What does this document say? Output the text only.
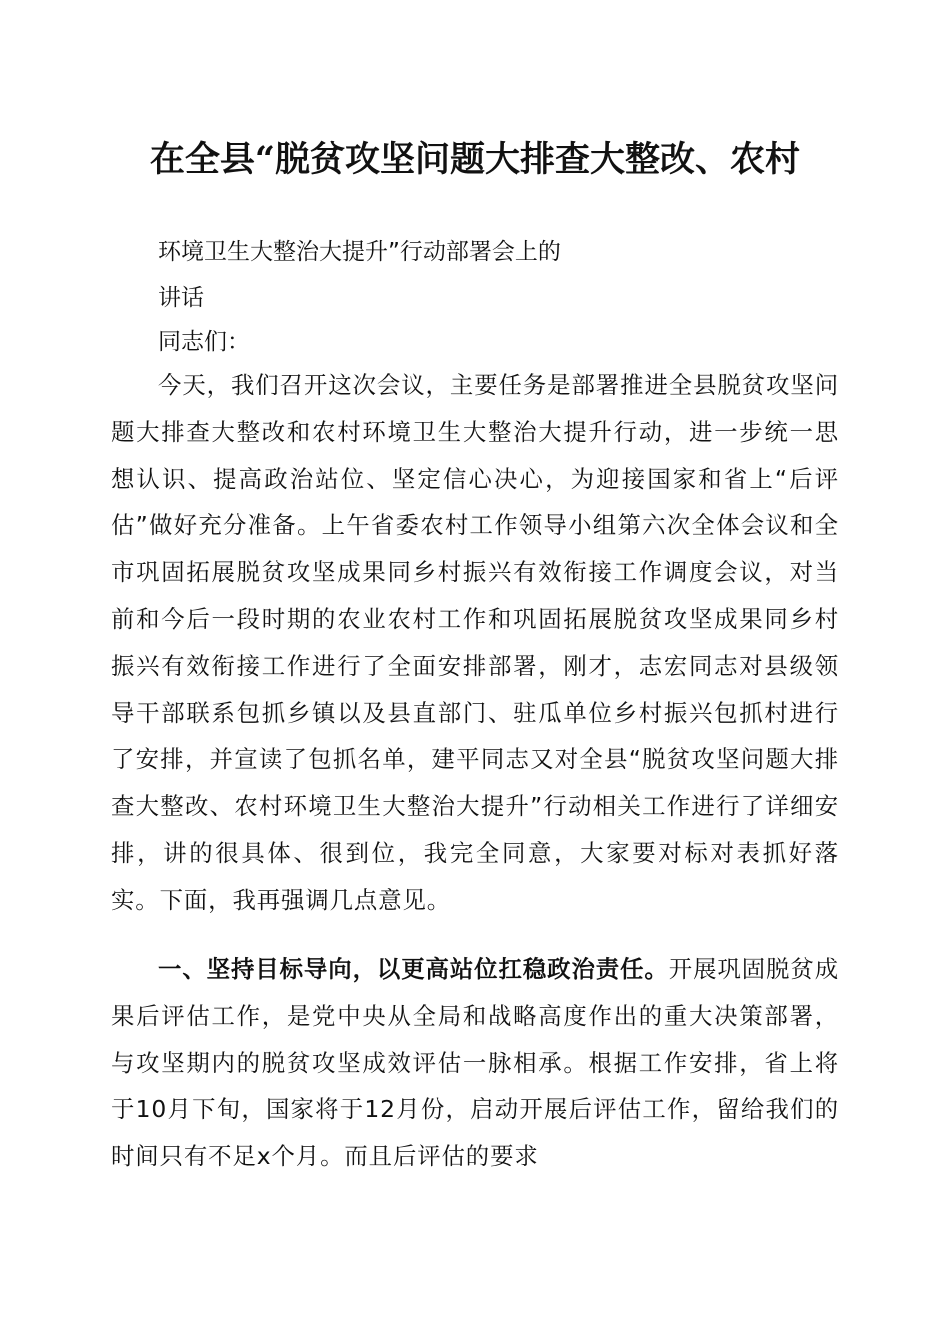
在全县“脱贫攻坚问题大排查大整改、农村
环境卫生大整治大提升”行动部署会上的
讲话
同志们：
今天，我们召开这次会议，主要任务是部署推进全县脱贫攻坚问题大排查大整改和农村环境卫生大整治大提升行动，进一步统一思想认识、提高政治站位、坚定信心决心，为迎接国家和省上“后评估”做好充分准备。上午省委农村工作领导小组第六次全体会议和全市巩固拓展脱贫攻坚成果同乡村振兴有效衔接工作调度会议，对当前和今后一段时期的农业农村工作和巩固拓展脱贫攻坚成果同乡村振兴有效衔接工作进行了全面安排部署，刚才，志宏同志对县级领导干部联系包抓乡镇以及县直部门、驻瓜单位乡村振兴包抓村进行了安排，并宣读了包抓名单，建平同志又对全县“脱贫攻坚问题大排查大整改、农村环境卫生大整治大提升”行动相关工作进行了详细安排，讲的很具体、很到位，我完全同意，大家要对标对表抓好落实。下面，我再强调几点意见。
一、坚持目标导向，以更高站位扛稳政治责任。开展巩固脱贫成果后评估工作，是党中央从全局和战略高度作出的重大决策部署，与攻坚期内的脱贫攻坚成效评估一脉相承。根据工作安排，省上将于10月下旬，国家将于12月份，启动开展后评估工作，留给我们的时间只有不足x个月。而且后评估的要求
